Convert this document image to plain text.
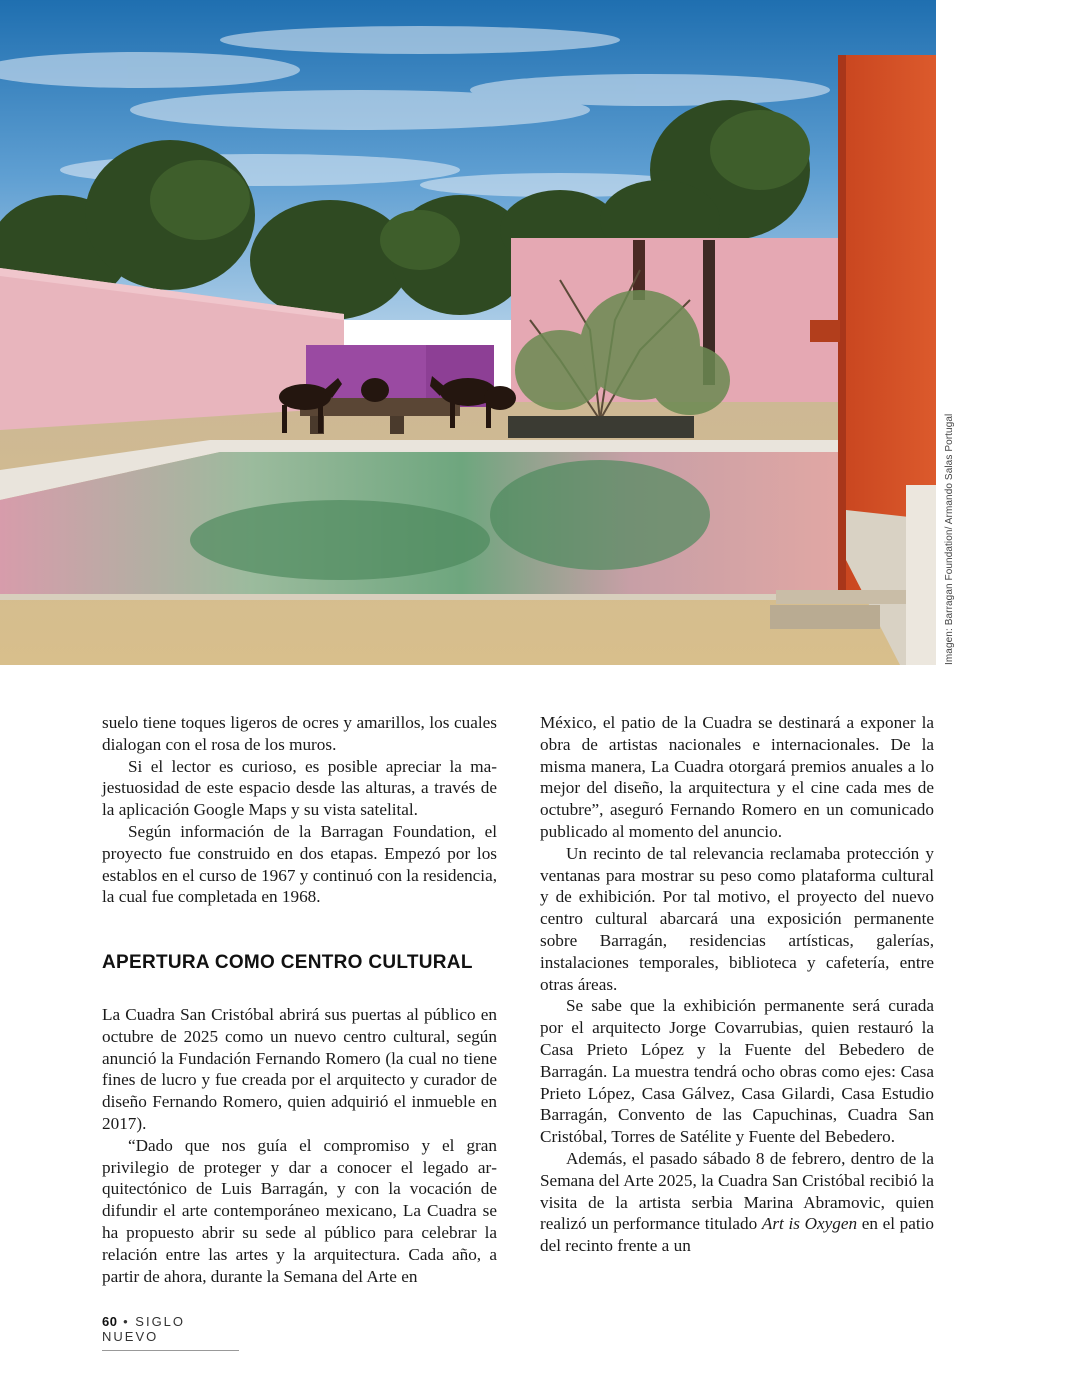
Imagen: Barragan Foundation/ Armando Salas Portugal

suelo tiene toques ligeros de ocres y amarillos, los cuales dialogan con el rosa de los muros.

Si el lector es curioso, es posible apreciar la majestuosidad de este espacio desde las alturas, a través de la aplicación Google Maps y su vista satelital.

Según información de la Barragan Foundation, el proyecto fue construido en dos etapas. Empezó por los establos en el curso de 1967 y continuó con la residencia, la cual fue completada en 1968.

APERTURA COMO CENTRO CULTURAL

La Cuadra San Cristóbal abrirá sus puertas al público en octubre de 2025 como un nuevo centro cultural, según anunció la Fundación Fernando Romero (la cual no tiene fines de lucro y fue creada por el arquitecto y curador de diseño Fernando Romero, quien adquirió el inmueble en 2017).

“Dado que nos guía el compromiso y el gran privilegio de proteger y dar a conocer el legado arquitectónico de Luis Barragán, y con la vocación de difundir el arte contemporáneo mexicano, La Cuadra se ha propuesto abrir su sede al público para celebrar la relación entre las artes y la arquitectura. Cada año, a partir de ahora, durante la Semana del Arte en

México, el patio de la Cuadra se destinará a exponer la obra de artistas nacionales e internacionales. De la misma manera, La Cuadra otorgará premios anuales a lo mejor del diseño, la arquitectura y el cine cada mes de octubre”, aseguró Fernando Romero en un comunicado publicado al momento del anuncio.

Un recinto de tal relevancia reclamaba protección y ventanas para mostrar su peso como plataforma cultural y de exhibición. Por tal motivo, el proyecto del nuevo centro cultural abarcará una exposición permanente sobre Barragán, residencias artísticas, galerías, instalaciones temporales, biblioteca y cafetería, entre otras áreas.

Se sabe que la exhibición permanente será curada por el arquitecto Jorge Covarrubias, quien restauró la Casa Prieto López y la Fuente del Bebedero de Barragán. La muestra tendrá ocho obras como ejes: Casa Prieto López, Casa Gálvez, Casa Gilardi, Casa Estudio Barragán, Convento de las Capuchinas, Cuadra San Cristóbal, Torres de Satélite y Fuente del Bebedero.

Además, el pasado sábado 8 de febrero, dentro de la Semana del Arte 2025, la Cuadra San Cristóbal recibió la visita de la artista serbia Marina Abramovic, quien realizó un performance titulado Art is Oxygen en el patio del recinto frente a un

60 • SIGLO NUEVO
